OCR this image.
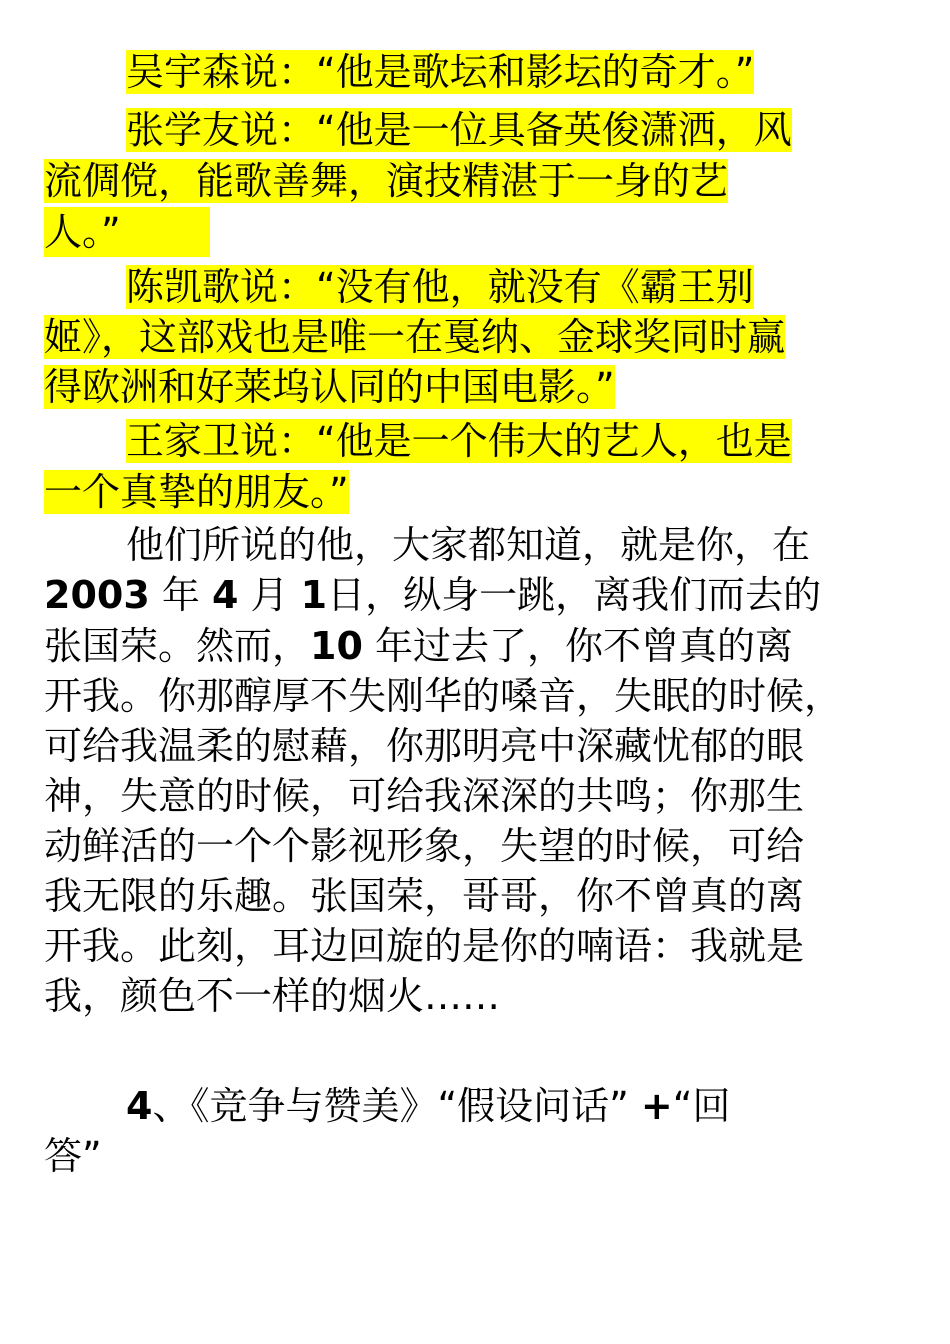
吴宇森说：“他是歌坛和影坛的奇才。”
张学友说：“他是一位具备英俊潇洒，风
流倜傥，能歌善舞，演技精湛于一身的艺
人。”
陈凯歌说：“没有他，就没有《霸王别
姬》，这部戏也是唯一在戛纳、金球奖同时赢
得欧洲和好莱坞认同的中国电影。”
王家卫说：“他是一个伟大的艺人，也是
一个真挚的朋友。”
他们所说的他，大家都知道，就是你，在
2003 年 4 月 1日，纵身一跳，离我们而去的
张国荣。然而，10 年过去了，你不曾真的离
开我。你那醇厚不失刚华的嗓音，失眠的时候，
可给我温柔的慰藉，你那明亮中深藏忧郁的眼
神，失意的时候，可给我深深的共鸣；你那生
动鲜活的一个个影视形象，失望的时候，可给
我无限的乐趣。张国荣，哥哥，你不曾真的离
开我。此刻，耳边回旋的是你的喃语：我就是
我，颜色不一样的烟火……
4、《竞争与赞美》“假设问话” +“回
答”
